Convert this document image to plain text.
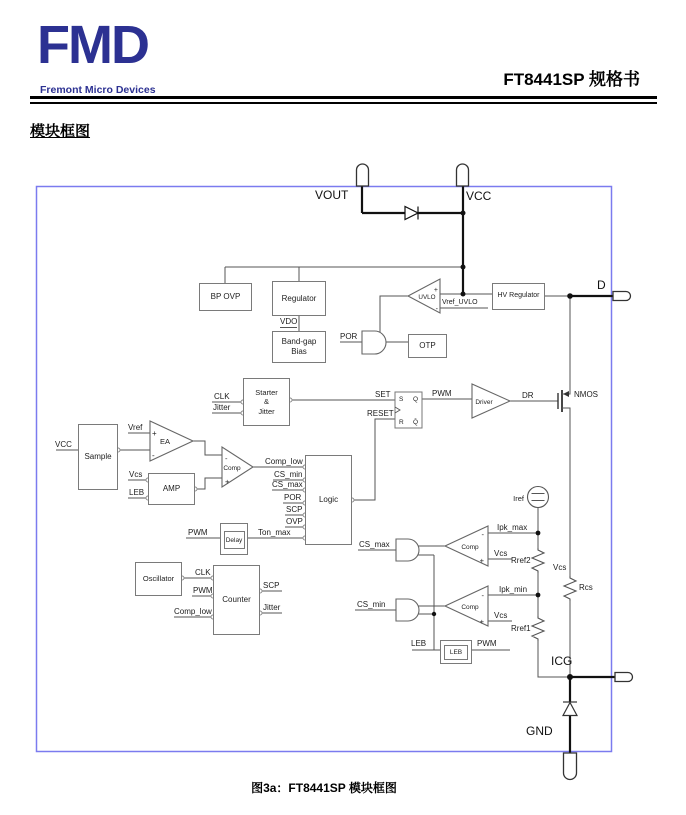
FMD
Fremont Micro Devices
FT8441SP 规格书
模块框图
S Q
R Q̄
EA
+
-
Comp
-
+
UVLO
+
-
Driver
Comp
-
+
Comp
-
+
Iref
BP OVP	Regulator
Band-gap
Bias
OTP
HV Regulator
Starter
&
Jitter
Sample
AMP
Logic
Delay
Oscillator
Counter
LEB
VOUT	VCC
D
ICG
GND
VDO
POR
Vref_UVLO
SET
RESET
PWM	DR	NMOS
CLK
Jitter
VCC
Vref
Vcs
LEB
Comp_low
CS_min
CS_max
POR
SCP
OVP
Ton_max
PWM
CLK
PWM
Comp_low
SCP
Jitter
Ipk_max
Vcs
Rref2
Ipk_min
Vcs
Rref1
Vcs
Rcs
CS_max
CS_min
LEB	PWM
图3a：FT8441SP 模块框图
